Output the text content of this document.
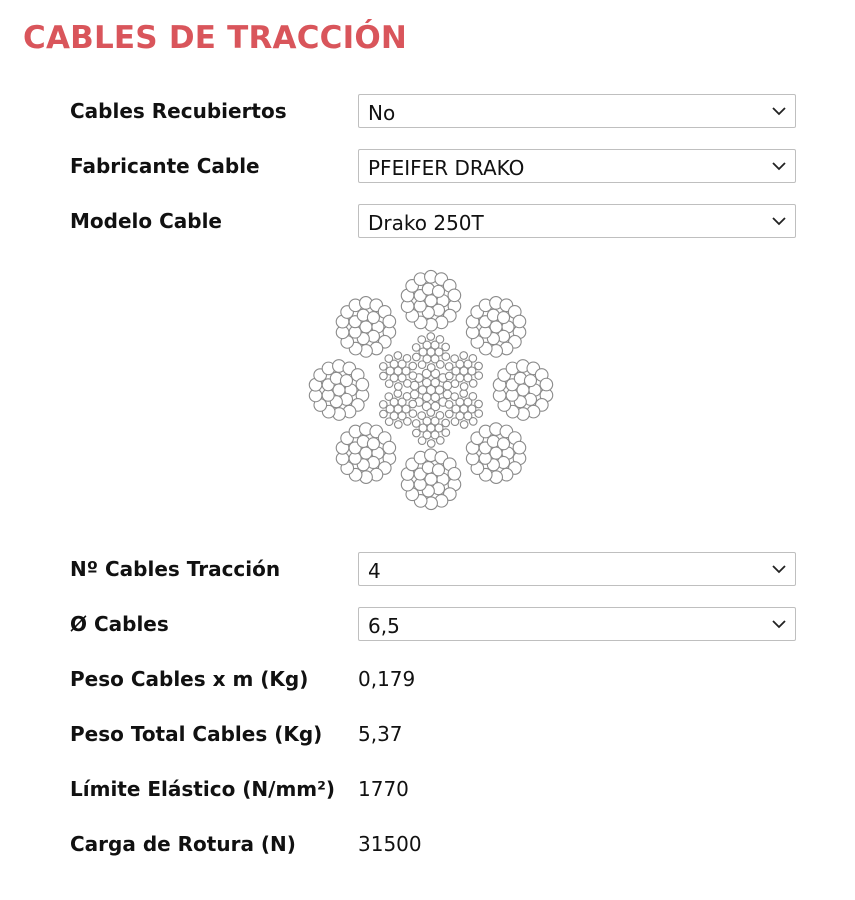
CABLES DE TRACCIÓN
Cables Recubiertos	No
Fabricante Cable	PFEIFER DRAKO
Modelo Cable	Drako 250T
Nº Cables Tracción	4
Ø Cables	6,5
Peso Cables x m (Kg) 0,179
Peso Total Cables (Kg) 5,37
Límite Elástico (N/mm²) 1770
Carga de Rotura (N)	31500
